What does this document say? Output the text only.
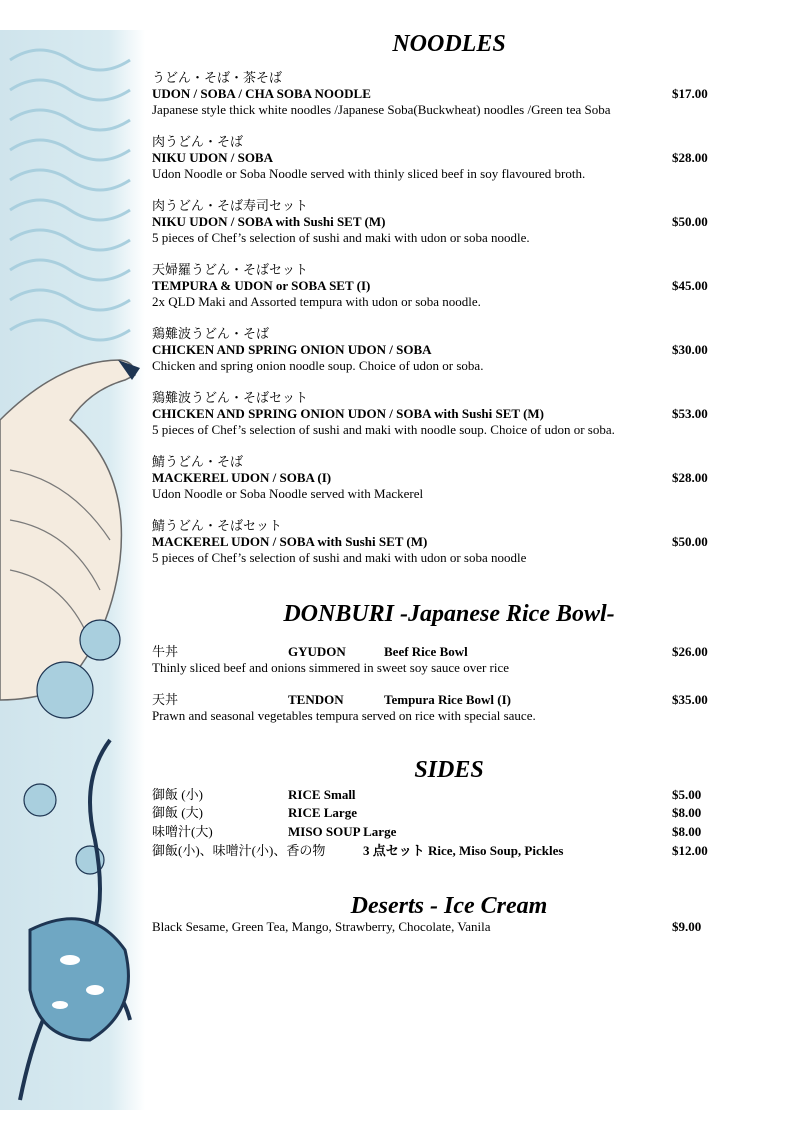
NOODLES
うどん・そば・茶そば
UDON / SOBA / CHA SOBA NOODLE	$17.00
Japanese style thick white noodles /Japanese Soba(Buckwheat) noodles /Green tea Soba
肉うどん・そば
NIKU UDON / SOBA	$28.00
Udon Noodle or Soba Noodle served with thinly sliced beef in soy flavoured broth.
肉うどん・そば寿司セット
NIKU UDON / SOBA with Sushi SET (M)	$50.00
5 pieces of Chef’s selection of sushi and maki with udon or soba noodle.
天婦羅うどん・そばセット
TEMPURA & UDON or SOBA SET (I)	$45.00
2x QLD Maki and Assorted tempura with udon or soba noodle.
鶏難波うどん・そば
CHICKEN AND SPRING ONION UDON / SOBA	$30.00
Chicken and spring onion noodle soup. Choice of udon or soba.
鶏難波うどん・そばセット
CHICKEN AND SPRING ONION UDON / SOBA with Sushi SET (M)	$53.00
5 pieces of Chef’s selection of sushi and maki with noodle soup. Choice of udon or soba.
鯖うどん・そば
MACKEREL UDON / SOBA (I)	$28.00
Udon Noodle or Soba Noodle served with Mackerel
鯖うどん・そばセット
MACKEREL UDON / SOBA with Sushi SET (M)	$50.00
5 pieces of Chef’s selection of sushi and maki with udon or soba noodle
DONBURI -Japanese Rice Bowl-
牛丼	GYUDON	Beef Rice Bowl	$26.00
Thinly sliced beef and onions simmered in sweet soy sauce over rice
天丼	TENDON	Tempura Rice Bowl (I)	$35.00
Prawn and seasonal vegetables tempura served on rice with special sauce.
SIDES
御飯 (小)	RICE Small	$5.00
御飯 (大)	RICE Large	$8.00
味噌汁(大)	MISO SOUP Large	$8.00
御飯(小)、味噌汁(小)、香の物	3 点セット Rice, Miso Soup, Pickles	$12.00
Deserts - Ice Cream
Black Sesame, Green Tea, Mango, Strawberry, Chocolate, Vanila	$9.00
